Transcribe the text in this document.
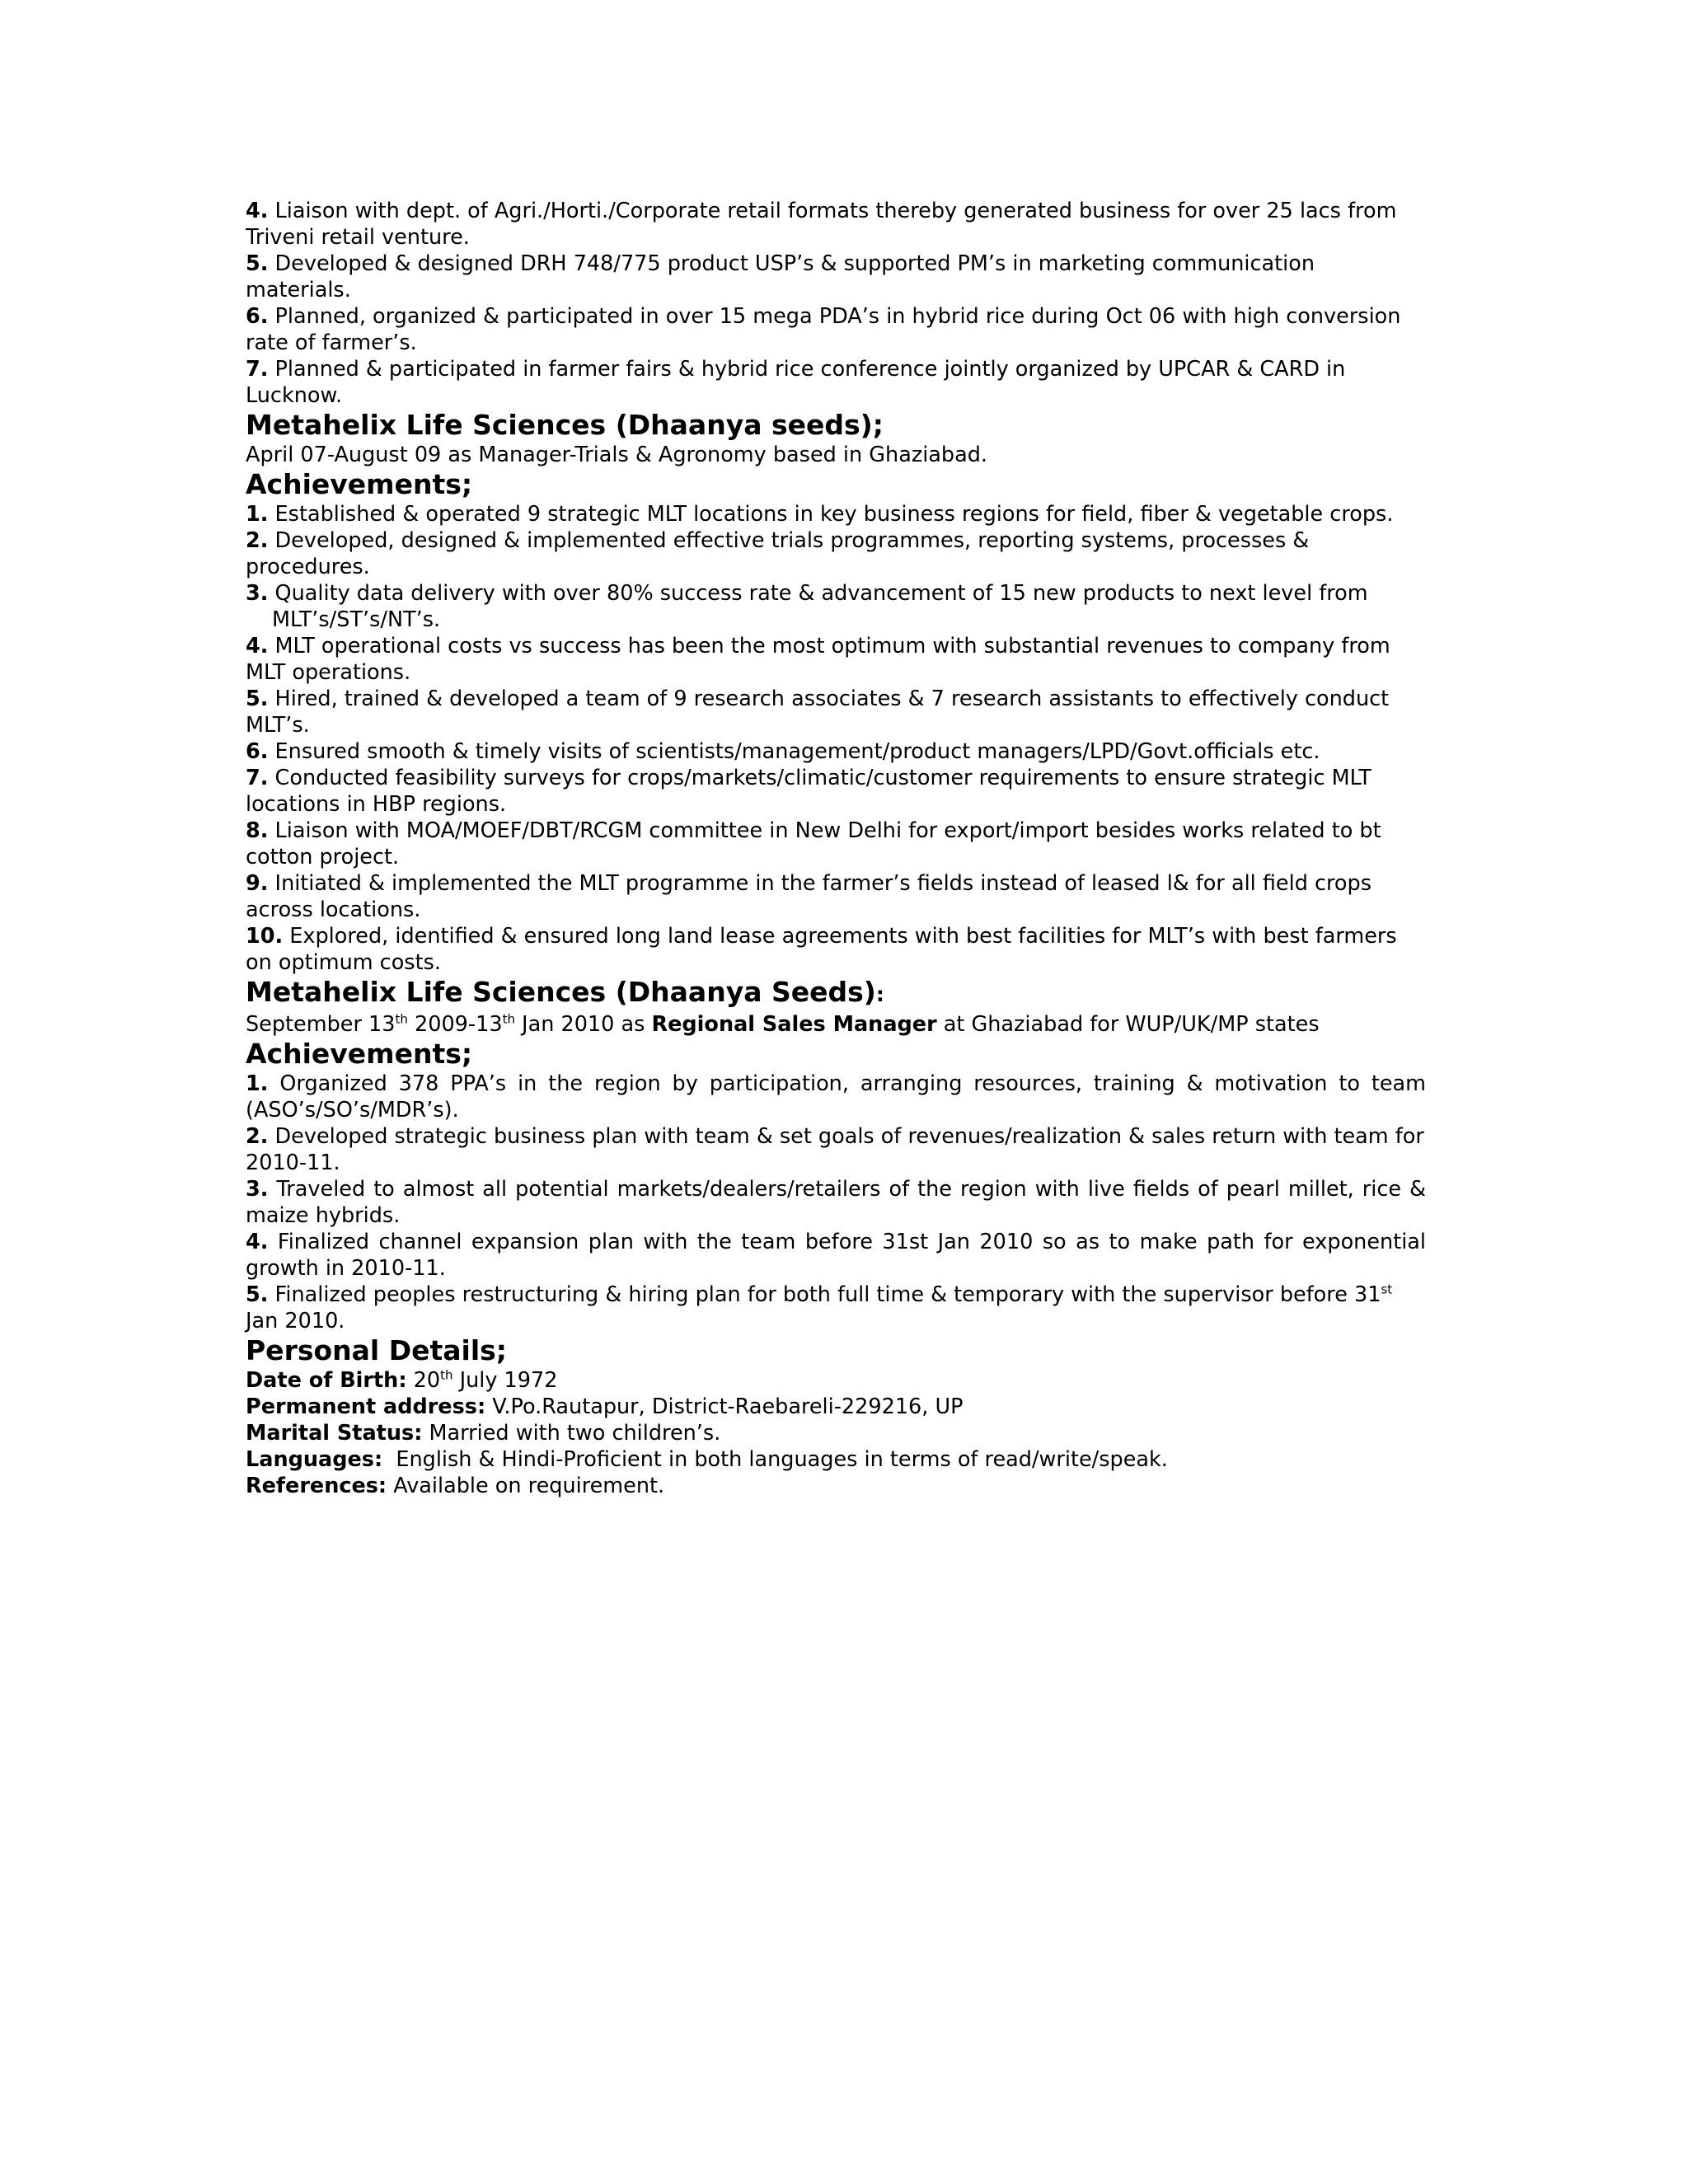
4. Liaison with dept. of Agri./Horti./Corporate retail formats thereby generated business for over 25 lacs from Triveni retail venture.

5. Developed & designed DRH 748/775 product USP’s & supported PM’s in marketing communication materials.

6. Planned, organized & participated in over 15 mega PDA’s in hybrid rice during Oct 06 with high conversion rate of farmer’s.

7. Planned & participated in farmer fairs & hybrid rice conference jointly organized by UPCAR & CARD in Lucknow.

Metahelix Life Sciences (Dhaanya seeds);

April 07-August 09 as Manager-Trials & Agronomy based in Ghaziabad.

Achievements;

1. Established & operated 9 strategic MLT locations in key business regions for field, fiber & vegetable crops.

2. Developed, designed & implemented effective trials programmes, reporting systems, processes & procedures.

3. Quality data delivery with over 80% success rate & advancement of 15 new products to next level from

MLT’s/ST’s/NT’s.

4. MLT operational costs vs success has been the most optimum with substantial revenues to company from MLT operations.

5. Hired, trained & developed a team of 9 research associates & 7 research assistants to effectively conduct MLT’s.

6. Ensured smooth & timely visits of scientists/management/product managers/LPD/Govt.officials etc.

7. Conducted feasibility surveys for crops/markets/climatic/customer requirements to ensure strategic MLT locations in HBP regions.

8. Liaison with MOA/MOEF/DBT/RCGM committee in New Delhi for export/import besides works related to bt cotton project.

9. Initiated & implemented the MLT programme in the farmer’s fields instead of leased l& for all field crops across locations.

10. Explored, identified & ensured long land lease agreements with best facilities for MLT’s with best farmers on optimum costs.

Metahelix Life Sciences (Dhaanya Seeds):

September 13th 2009-13th Jan 2010 as Regional Sales Manager at Ghaziabad for WUP/UK/MP states

Achievements;

1. Organized 378 PPA’s in the region by participation, arranging resources, training & motivation to team (ASO’s/SO’s/MDR’s).

2. Developed strategic business plan with team & set goals of revenues/realization & sales return with team for 2010-11.

3. Traveled to almost all potential markets/dealers/retailers of the region with live fields of pearl millet, rice & maize hybrids.

4. Finalized channel expansion plan with the team before 31st Jan 2010 so as to make path for exponential growth in 2010-11.

5. Finalized peoples restructuring & hiring plan for both full time & temporary with the supervisor before 31st Jan 2010.

Personal Details;

Date of Birth: 20th July 1972

Permanent address: V.Po.Rautapur, District-Raebareli-229216, UP

Marital Status: Married with two children’s.

Languages:  English & Hindi-Proficient in both languages in terms of read/write/speak.

References: Available on requirement.
